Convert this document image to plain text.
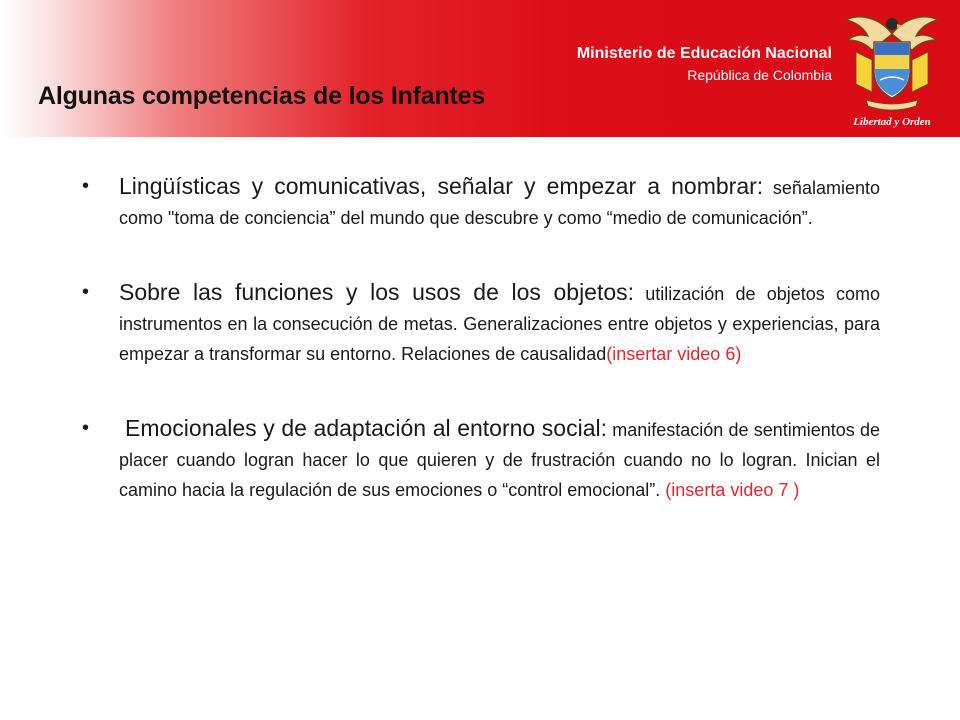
Algunas competencias de los Infantes
Ministerio de Educación Nacional
República de Colombia
Libertad y Orden
• Lingüísticas y comunicativas, señalar y empezar a nombrar: señalamiento como "toma de conciencia” del mundo que descubre y como “medio de comunicación”.
• Sobre las funciones y los usos de los objetos: utilización de objetos como instrumentos en la consecución de metas. Generalizaciones entre objetos y experiencias, para empezar a transformar su entorno. Relaciones de causalidad(insertar video 6)
• Emocionales y de adaptación al entorno social: manifestación de sentimientos de placer cuando logran hacer lo que quieren y de frustración cuando no lo logran. Inician el camino hacia la regulación de sus emociones o “control emocional”. (inserta video 7 )
